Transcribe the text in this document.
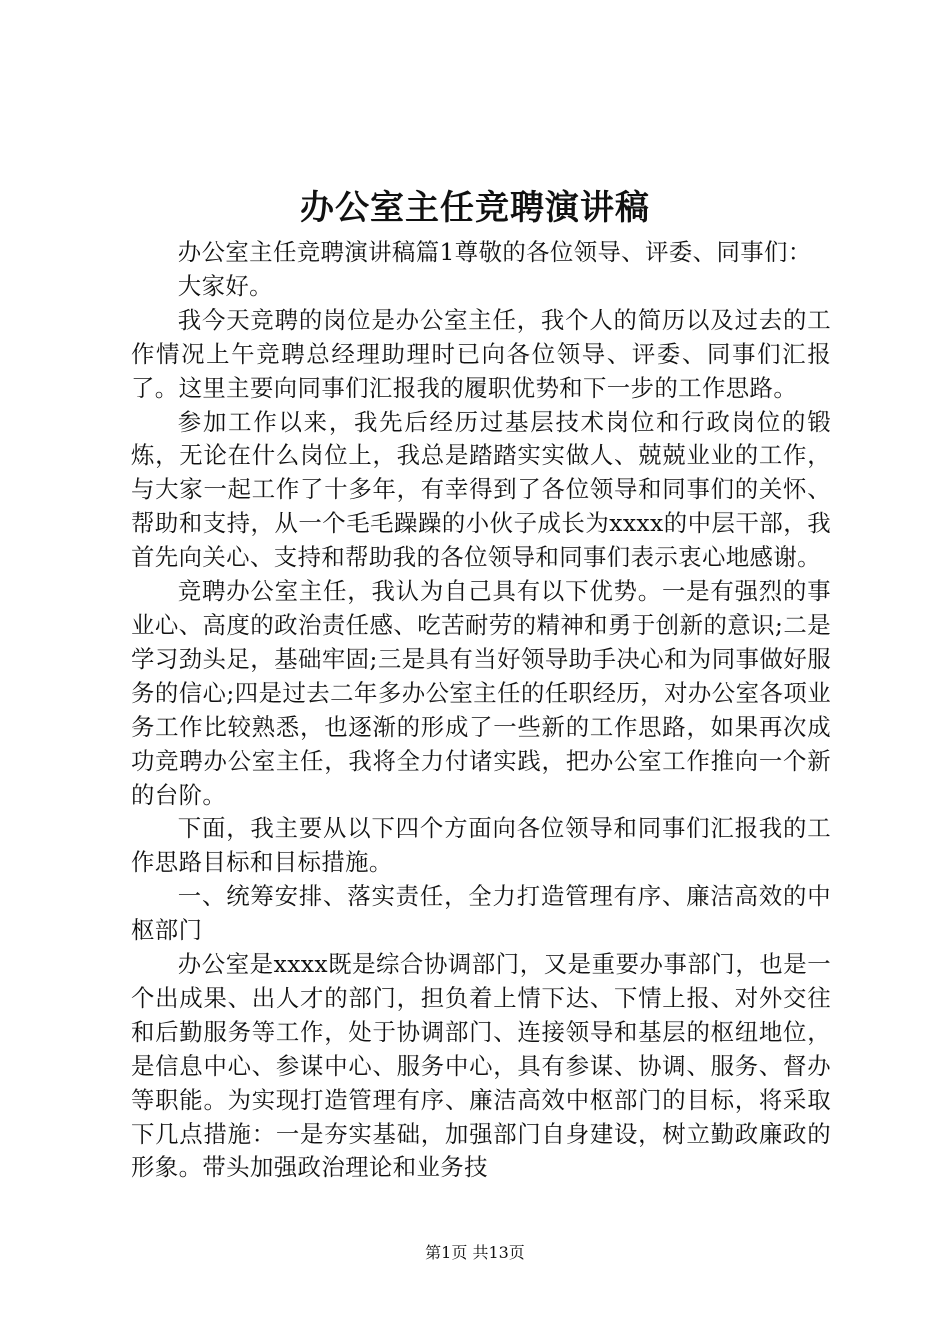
办公室主任竞聘演讲稿

办公室主任竞聘演讲稿篇1尊敬的各位领导、评委、同事们：

大家好。

我今天竞聘的岗位是办公室主任，我个人的简历以及过去的工作情况上午竞聘总经理助理时已向各位领导、评委、同事们汇报了。这里主要向同事们汇报我的履职优势和下一步的工作思路。

参加工作以来，我先后经历过基层技术岗位和行政岗位的锻炼，无论在什么岗位上，我总是踏踏实实做人、兢兢业业的工作，与大家一起工作了十多年，有幸得到了各位领导和同事们的关怀、帮助和支持，从一个毛毛躁躁的小伙子成长为xxxx的中层干部，我首先向关心、支持和帮助我的各位领导和同事们表示衷心地感谢。

竞聘办公室主任，我认为自己具有以下优势。一是有强烈的事业心、高度的政治责任感、吃苦耐劳的精神和勇于创新的意识;二是学习劲头足，基础牢固;三是具有当好领导助手决心和为同事做好服务的信心;四是过去二年多办公室主任的任职经历，对办公室各项业务工作比较熟悉，也逐渐的形成了一些新的工作思路，如果再次成功竞聘办公室主任，我将全力付诸实践，把办公室工作推向一个新的台阶。

下面，我主要从以下四个方面向各位领导和同事们汇报我的工作思路目标和目标措施。

一、统筹安排、落实责任，全力打造管理有序、廉洁高效的中枢部门

办公室是xxxx既是综合协调部门，又是重要办事部门，也是一个出成果、出人才的部门，担负着上情下达、下情上报、对外交往和后勤服务等工作，处于协调部门、连接领导和基层的枢纽地位，是信息中心、参谋中心、服务中心，具有参谋、协调、服务、督办等职能。为实现打造管理有序、廉洁高效中枢部门的目标，将采取下几点措施：一是夯实基础，加强部门自身建设，树立勤政廉政的形象。带头加强政治理论和业务技

第1页 共13页
